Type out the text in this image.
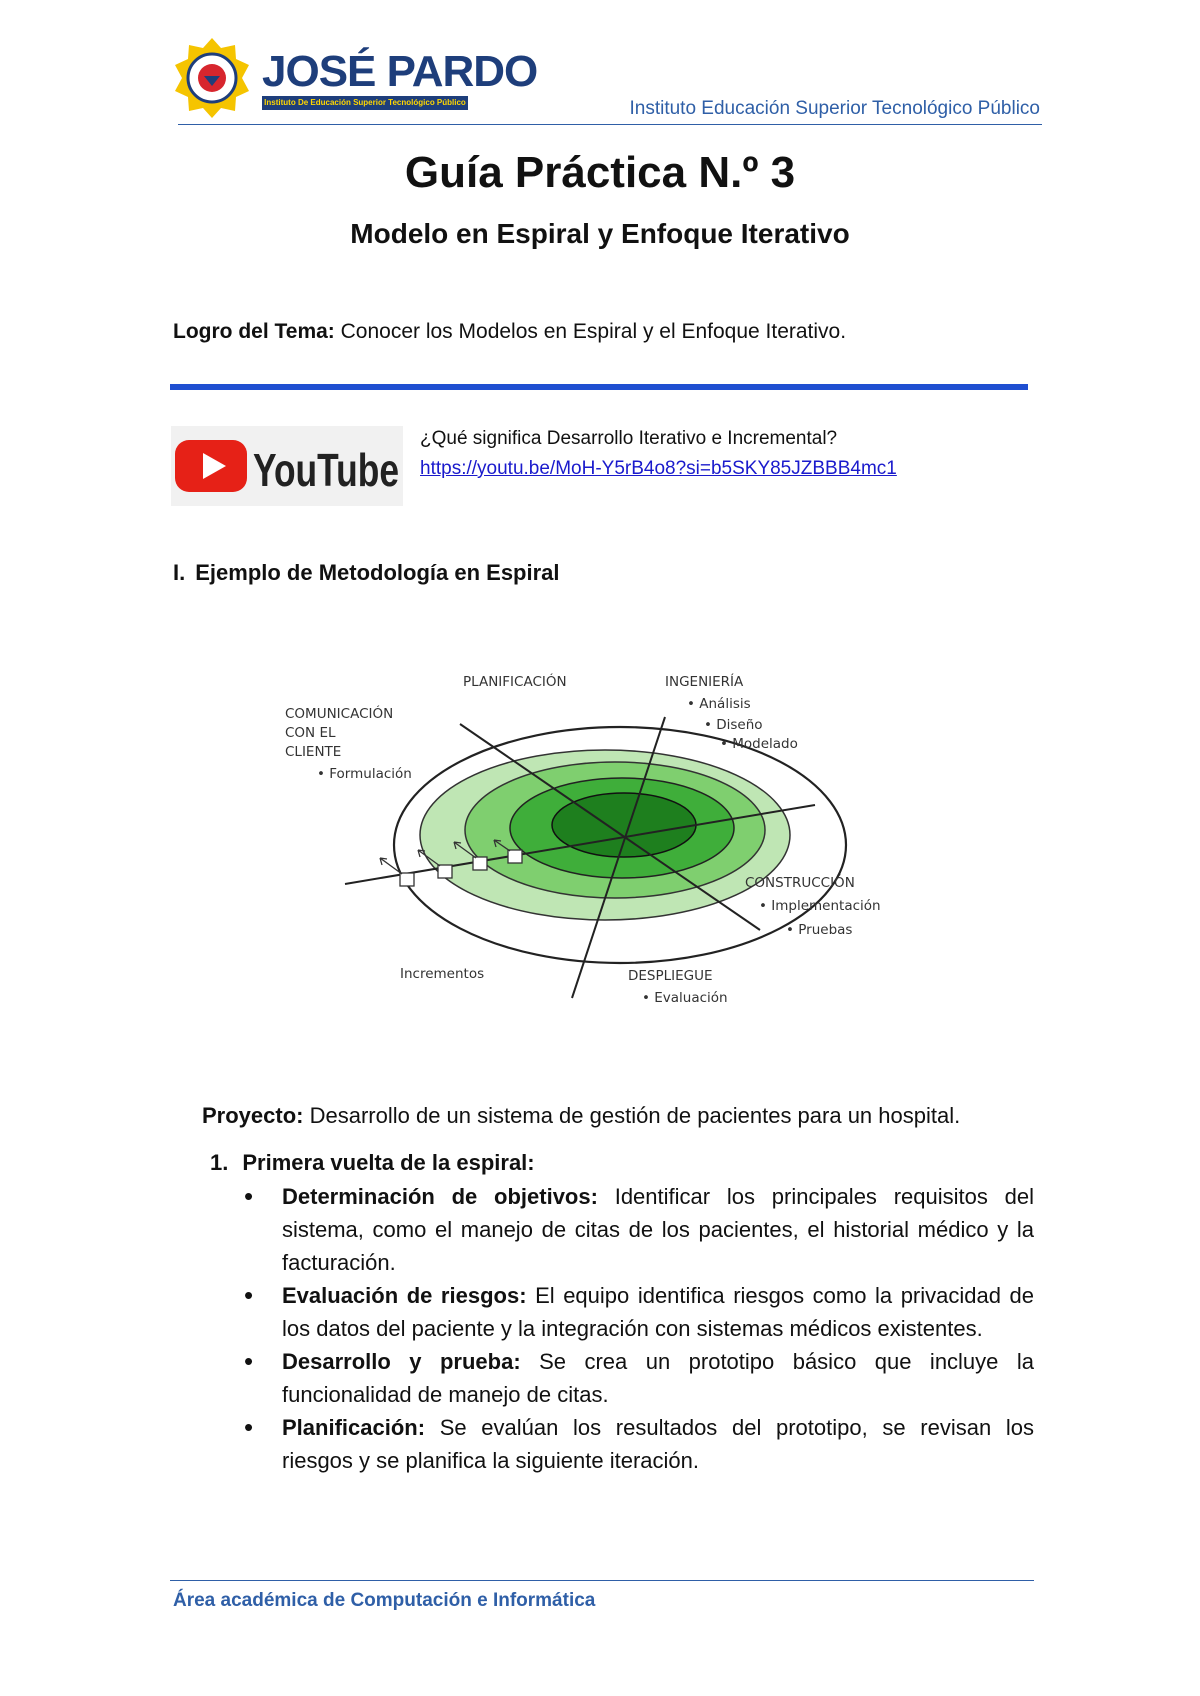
JOSÉ PARDO
Instituto De Educación Superior Tecnológico Público	Instituto Educación Superior Tecnológico Público
Guía Práctica N.º 3
Modelo en Espiral y Enfoque Iterativo
Logro del Tema: Conocer los Modelos en Espiral y el Enfoque Iterativo.
YouTube
¿Qué significa Desarrollo Iterativo e Incremental?
https://youtu.be/MoH-Y5rB4o8?si=b5SKY85JZBBB4mc1
I. Ejemplo de Metodología en Espiral
PLANIFICACIÓN	INGENIERÍA
• Análisis
• Diseño
• Modelado
COMUNICACIÓN
CON EL
CLIENTE
• Formulación
CONSTRUCCIÓN
• Implementación
• Pruebas
Incrementos	DESPLIEGUE
• Evaluación
Proyecto: Desarrollo de un sistema de gestión de pacientes para un hospital.
1. Primera vuelta de la espiral:
• Determinación de objetivos: Identificar los principales requisitos del sistema, como el manejo de citas de los pacientes, el historial médico y la facturación.
• Evaluación de riesgos: El equipo identifica riesgos como la privacidad de los datos del paciente y la integración con sistemas médicos existentes.
• Desarrollo y prueba: Se crea un prototipo básico que incluye la funcionalidad de manejo de citas.
• Planificación: Se evalúan los resultados del prototipo, se revisan los riesgos y se planifica la siguiente iteración.
Área académica de Computación e Informática
